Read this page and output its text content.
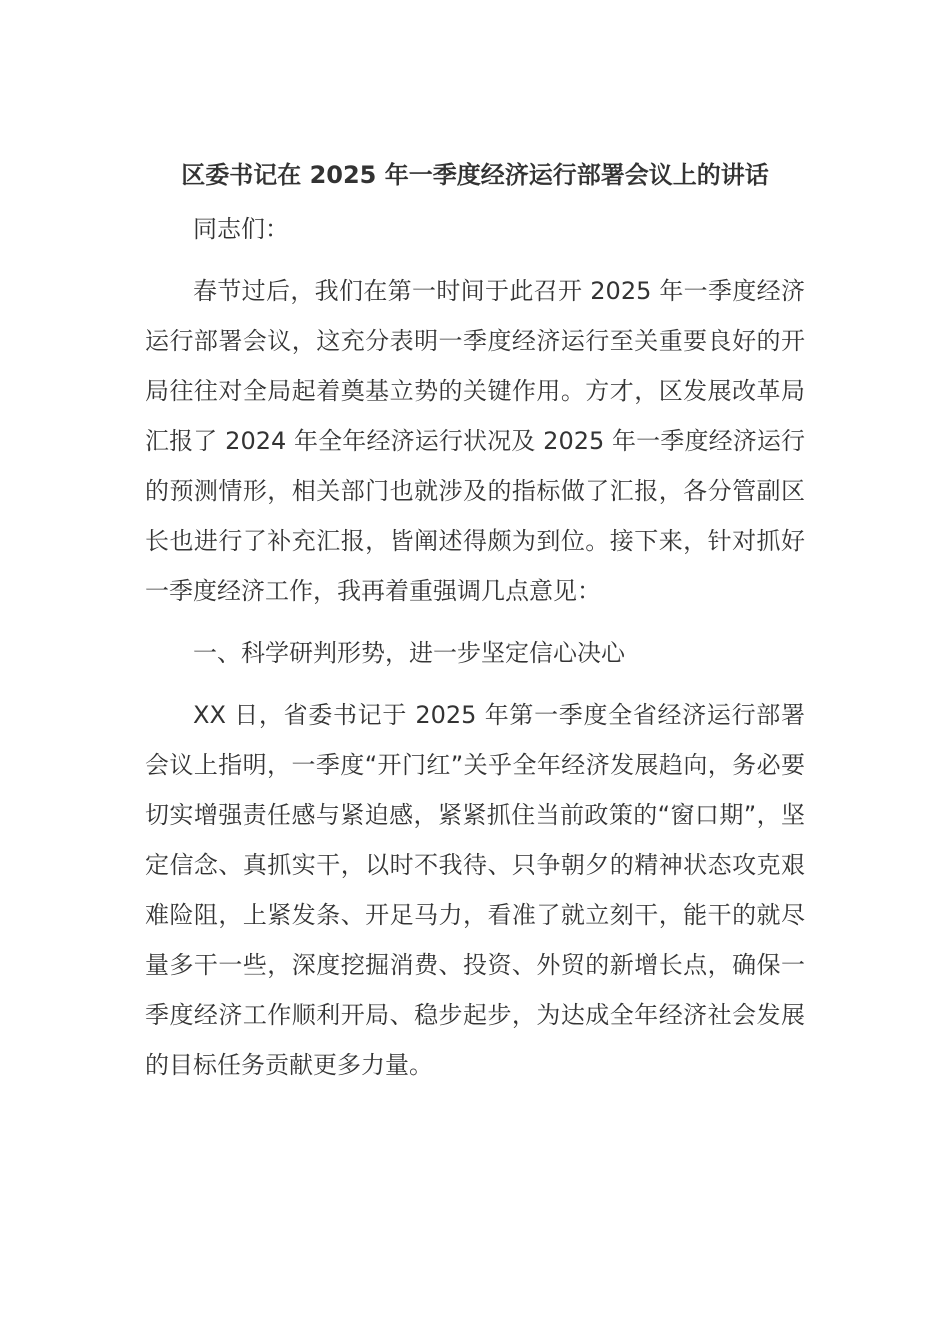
区委书记在 2025 年一季度经济运行部署会议上的讲话

同志们：

春节过后，我们在第一时间于此召开 2025 年一季度经济运行部署会议，这充分表明一季度经济运行至关重要良好的开局往往对全局起着奠基立势的关键作用。方才，区发展改革局汇报了 2024 年全年经济运行状况及 2025 年一季度经济运行的预测情形，相关部门也就涉及的指标做了汇报，各分管副区长也进行了补充汇报，皆阐述得颇为到位。接下来，针对抓好一季度经济工作，我再着重强调几点意见：

一、科学研判形势，进一步坚定信心决心

XX 日，省委书记于 2025 年第一季度全省经济运行部署会议上指明，一季度“开门红”关乎全年经济发展趋向，务必要切实增强责任感与紧迫感，紧紧抓住当前政策的“窗口期”，坚定信念、真抓实干，以时不我待、只争朝夕的精神状态攻克艰难险阻，上紧发条、开足马力，看准了就立刻干，能干的就尽量多干一些，深度挖掘消费、投资、外贸的新增长点，确保一季度经济工作顺利开局、稳步起步，为达成全年经济社会发展的目标任务贡献更多力量。
